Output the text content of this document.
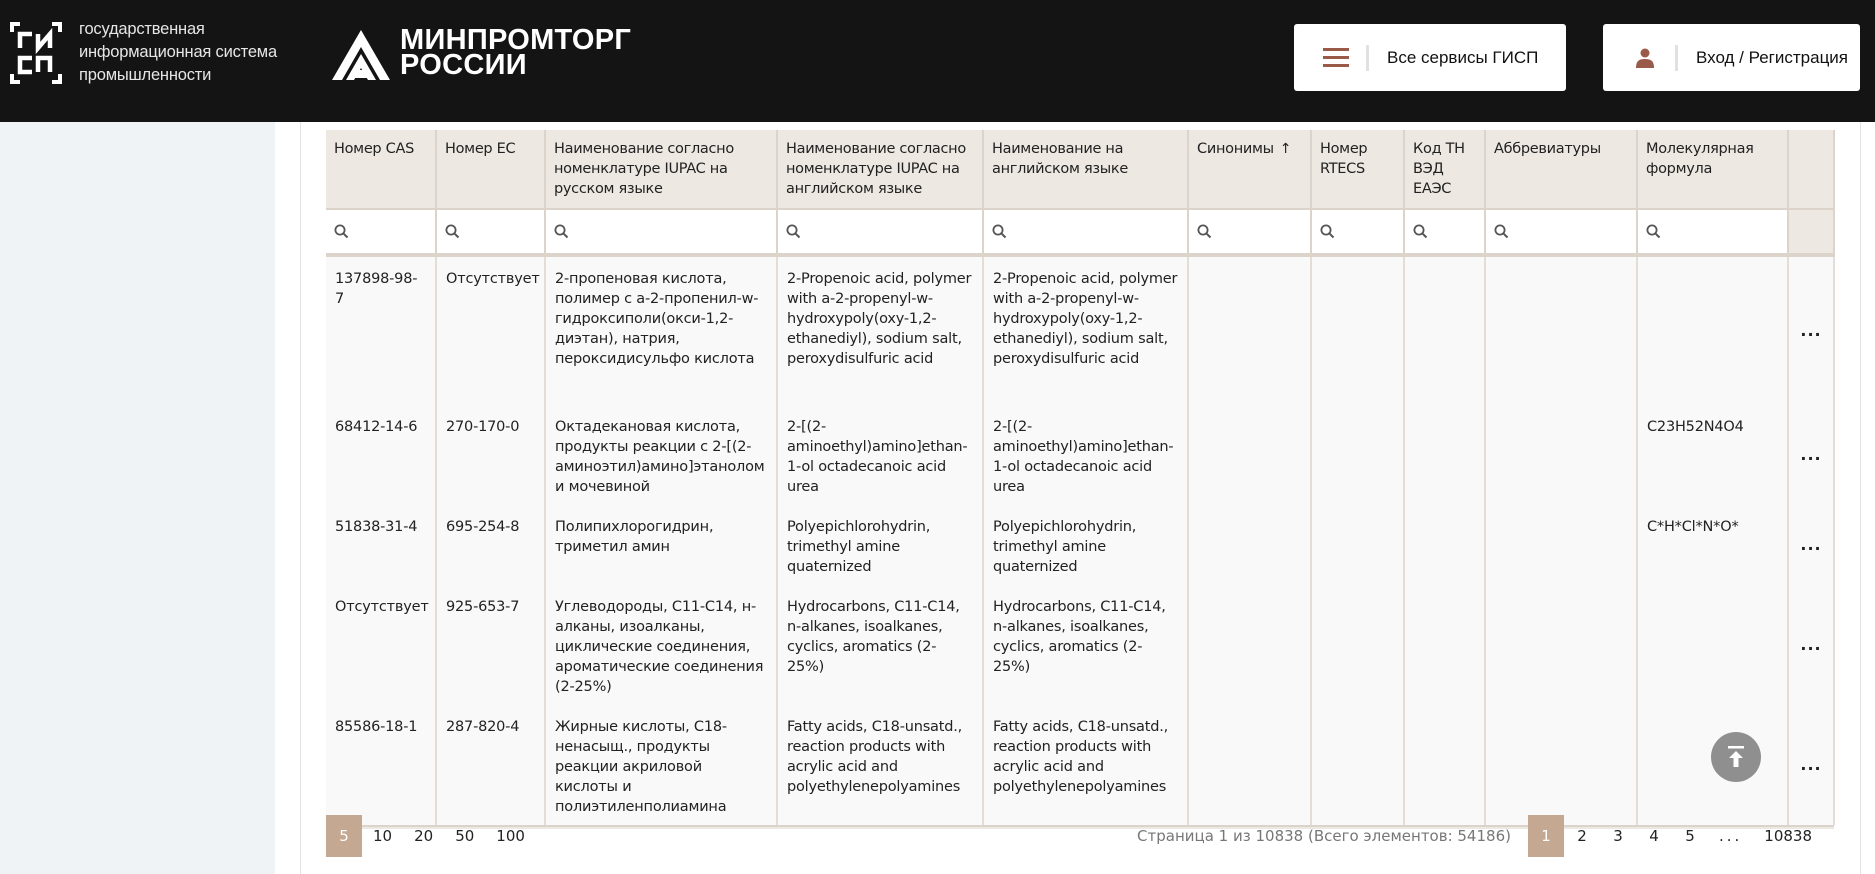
государственная
информационная система
промышленности
МИНПРОМТОРГ
РОССИИ	Все сервисы ГИСП	Вход / Регистрация
Номер CAS	Номер ЕС	Наименование согласно номенклатуре IUPAC на русском языке	Наименование согласно номенклатуре IUPAC на английском языке	Наименование на английском языке	Синонимы ↑	Номер RTECS	Код ТН ВЭД ЕАЭС	Аббревиатуры	Молекулярная формула	

137898-98-7	Отсутствует	2-пропеновая кислота, полимер с а-2-пропенил-w-гидроксиполи(окси-1,2-диэтан), натрия, пероксидисульфо кислота	2-Propenoic acid, polymer with a-2-propenyl-w-hydroxypoly(oxy-1,2-ethanediyl), sodium salt, peroxydisulfuric acid	2-Propenoic acid, polymer with a-2-propenyl-w-hydroxypoly(oxy-1,2-ethanediyl), sodium salt, peroxydisulfuric acid						...
68412-14-6	270-170-0	Октадекановая кислота, продукты реакции с 2-[(2-аминоэтил)амино]этанолом и мочевиной	2-[(2-aminoethyl)amino]ethan-1-ol octadecanoic acid urea	2-[(2-aminoethyl)amino]ethan-1-ol octadecanoic acid urea					C23H52N4O4	...
51838-31-4	695-254-8	Полипихлорогидрин, триметил амин	Polyepichlorohydrin, trimethyl amine quaternized	Polyepichlorohydrin, trimethyl amine quaternized					C*H*Cl*N*O*	...
Отсутствует	925-653-7	Углеводороды, C11-C14, н-алканы, изоалканы, циклические соединения, ароматические соединения (2-25%)	Hydrocarbons, C11-C14, n-alkanes, isoalkanes, cyclics, aromatics (2-25%)	Hydrocarbons, C11-C14, n-alkanes, isoalkanes, cyclics, aromatics (2-25%)						...
85586-18-1	287-820-4	Жирные кислоты, C18-ненасыщ., продукты реакции акриловой кислоты и полиэтиленполиамина	Fatty acids, C18-unsatd., reaction products with acrylic acid and polyethylenepolyamines	Fatty acids, C18-unsatd., reaction products with acrylic acid and polyethylenepolyamines						...
5	10	20	50	100	Страница 1 из 10838 (Всего элементов: 54186)	1	2	3	4	5	...	10838
